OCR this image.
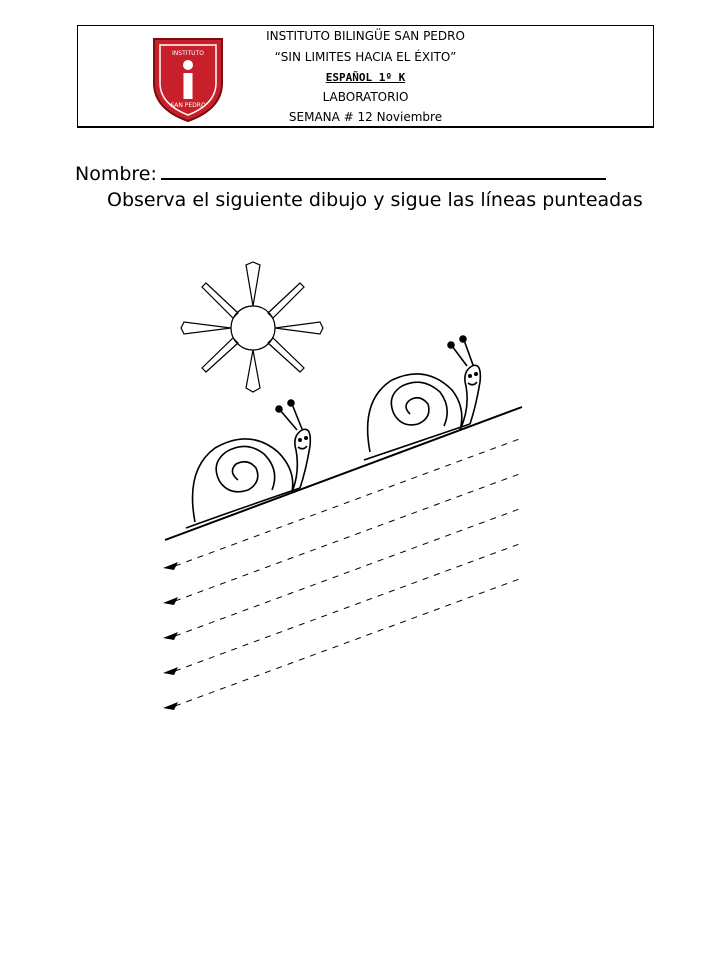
INSTITUTO
SAN PEDRO
INSTITUTO BILINGÜE SAN PEDRO
“SIN LIMITES HACIA EL ÉXITO”
ESPAÑOL 1º K
LABORATORIO
SEMANA # 12 Noviembre
Nombre:
Observa el siguiente dibujo y sigue las líneas punteadas
